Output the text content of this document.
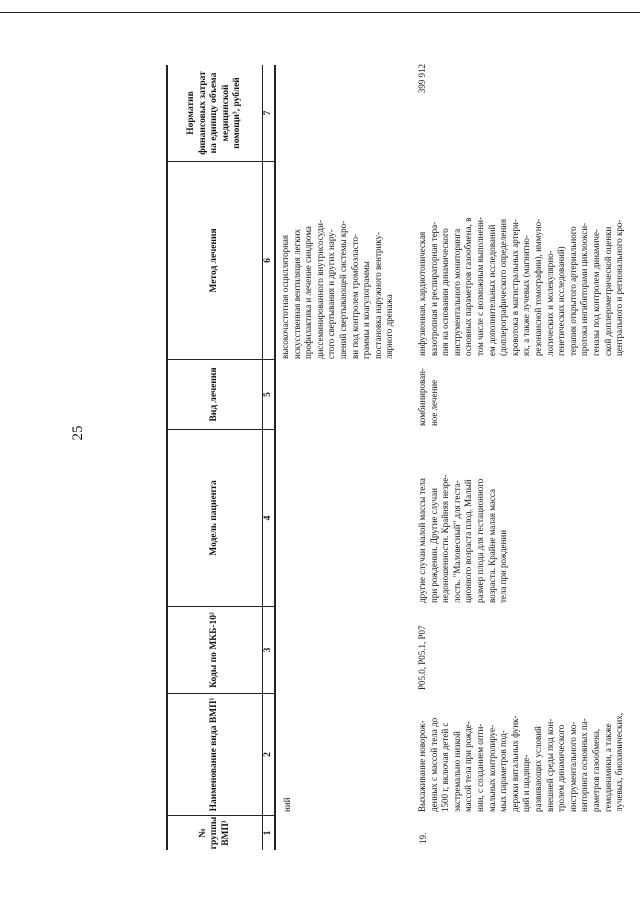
25
№ группы ВМП¹
Наименование вида ВМП¹
Коды по МКБ-10²
Модель пациента
Вид лечения
Метод лечения
Норматив финансовых затрат на единицу объема медицинской помощи³, рублей
1
2
3
4
5
6
7
ний
высокочастотная осцилляторная искусственная вентиляция легких профилактика и лечение синдрома диссеминированного внутрисосуди- стого свертывания и других нару- шений свертывающей системы кро- ви под контролем тромбоэласто- граммы и коагулограммы постановка наружного вентрику- лярного дренажа
19.
Выхаживание новорож- денных с массой тела до 1500 г, включая детей с экстремально низкой массой тела при рожде- нии, с созданием опти- мальных контролируе- мых параметров под- держки витальных функ- ций и щадяще- развивающих условий внешней среды под кон- тролем динамического инструментального мо- ниторинга основных па- раметров газообмена, гемодинамики, а также лучевых, биохимических,
P05.0, P05.1, P07
другие случаи малой массы тела при рождении. Другие случаи недоношенности. Крайняя незре- лость. "Маловесный" для геста- ционного возраста плод. Малый размер плода для гестационного возраста. Крайне малая масса тела при рождении
комбинирован- ное лечение
инфузионная, кардиотоническая вазотропная и респираторная тера- пия на основании динамического инструментального мониторинга основных параметров газообмена, в том числе с возможным выполнени- ем дополнительных исследований (доплерографического определения кровотока в магистральных артери- ях, а также лучевых (магнитно- резонансной томографии), иммуно- логических и молекулярно- генетических исследований) терапия открытого артериального протока ингибиторами циклоокси- геназы под контролем динамиче- ской доплерометрической оценки центрального и регионального кро-
399 912
